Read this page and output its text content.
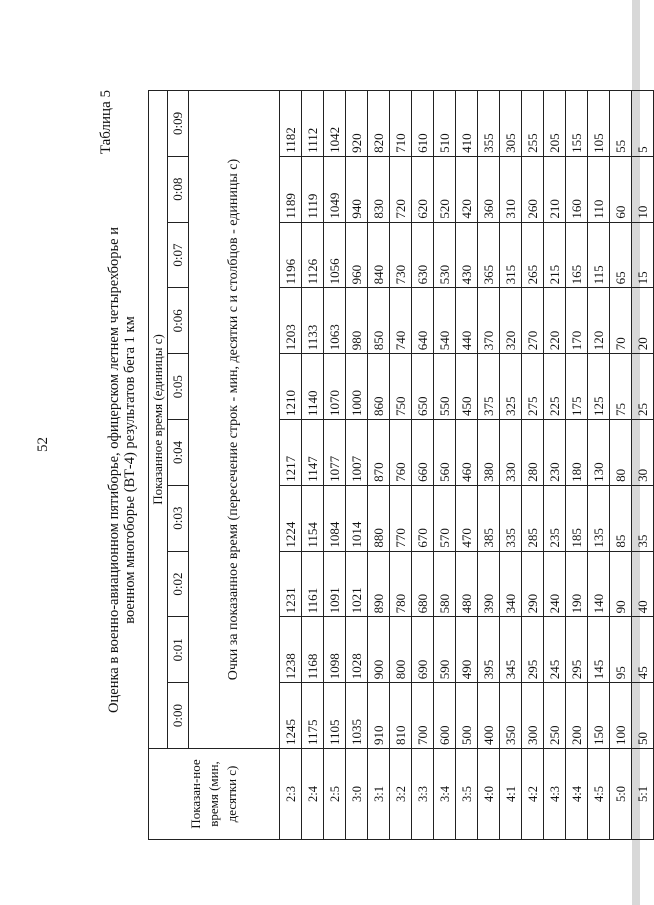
52
Таблица 5
Оценка в военно-авиационном пятиборье, офицерском летнем четырехборье и военном многоборье (ВТ-4) результатов бега 1 км
Показан-ное время (мин, десятки с)	Показанное время (единицы с)									
	0:00	0:01	0:02	0:03	0:04	0:05	0:06	0:07	0:08	0:09
	Очки за показанное время (пересечение строк - мин, десятки с и столбцов - единицы с)									
2:3	1245	1238	1231	1224	1217	1210	1203	1196	1189	1182
2:4	1175	1168	1161	1154	1147	1140	1133	1126	1119	1112
2:5	1105	1098	1091	1084	1077	1070	1063	1056	1049	1042
3:0	1035	1028	1021	1014	1007	1000	980	960	940	920
3:1	910	900	890	880	870	860	850	840	830	820
3:2	810	800	780	770	760	750	740	730	720	710
3:3	700	690	680	670	660	650	640	630	620	610
3:4	600	590	580	570	560	550	540	530	520	510
3:5	500	490	480	470	460	450	440	430	420	410
4:0	400	395	390	385	380	375	370	365	360	355
4:1	350	345	340	335	330	325	320	315	310	305
4:2	300	295	290	285	280	275	270	265	260	255
4:3	250	245	240	235	230	225	220	215	210	205
4:4	200	295	190	185	180	175	170	165	160	155
4:5	150	145	140	135	130	125	120	115	110	105
5:0	100	95	90	85	80	75	70	65	60	55
5:1	50	45	40	35	30	25	20	15	10	5
